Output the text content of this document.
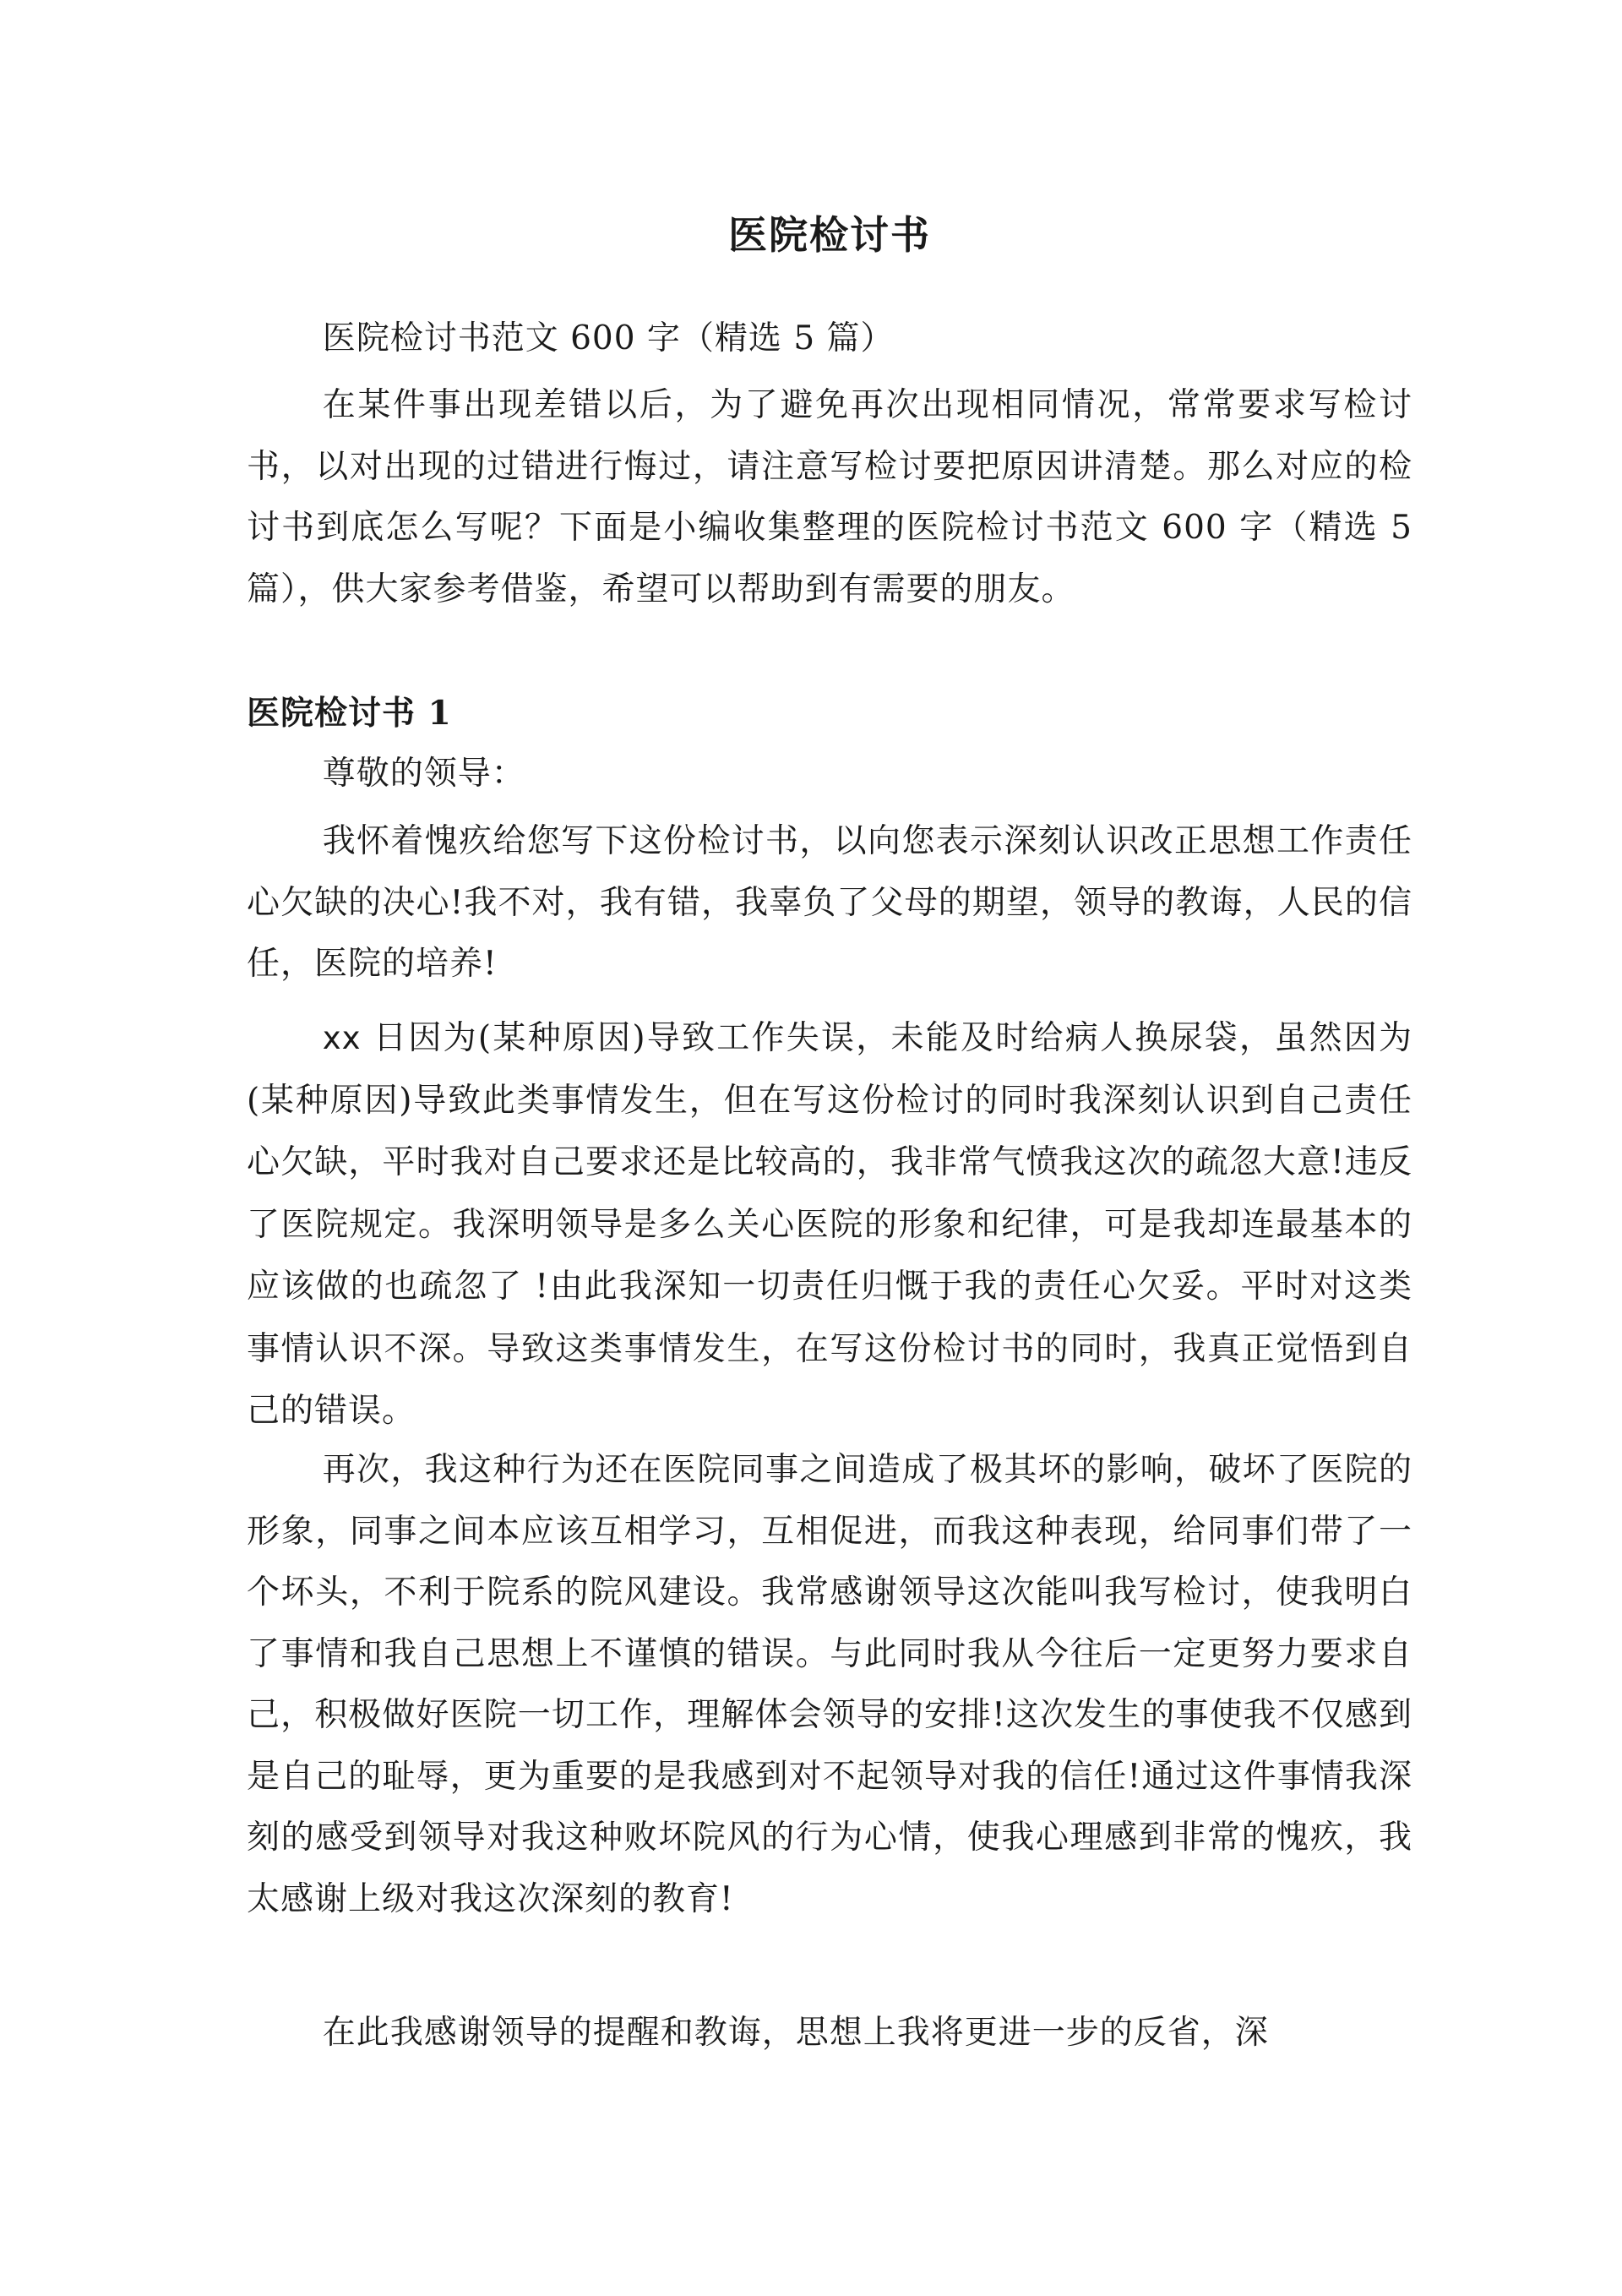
医院检讨书

医院检讨书范文 600 字（精选 5 篇）

在某件事出现差错以后，为了避免再次出现相同情况，常常要求写检讨书，以对出现的过错进行悔过，请注意写检讨要把原因讲清楚。那么对应的检讨书到底怎么写呢？下面是小编收集整理的医院检讨书范文 600 字（精选 5 篇），供大家参考借鉴，希望可以帮助到有需要的朋友。

医院检讨书 1

尊敬的领导：

我怀着愧疚给您写下这份检讨书，以向您表示深刻认识改正思想工作责任心欠缺的决心!我不对，我有错，我辜负了父母的期望，领导的教诲，人民的信任，医院的培养!

xx 日因为(某种原因)导致工作失误，未能及时给病人换尿袋，虽然因为(某种原因)导致此类事情发生，但在写这份检讨的同时我深刻认识到自己责任心欠缺，平时我对自己要求还是比较高的，我非常气愤我这次的疏忽大意!违反了医院规定。我深明领导是多么关心医院的形象和纪律，可是我却连最基本的应该做的也疏忽了 !由此我深知一切责任归慨于我的责任心欠妥。平时对这类事情认识不深。导致这类事情发生，在写这份检讨书的同时，我真正觉悟到自己的错误。

再次，我这种行为还在医院同事之间造成了极其坏的影响，破坏了医院的形象，同事之间本应该互相学习，互相促进，而我这种表现，给同事们带了一个坏头，不利于院系的院风建设。我常感谢领导这次能叫我写检讨，使我明白了事情和我自己思想上不谨慎的错误。与此同时我从今往后一定更努力要求自己，积极做好医院一切工作，理解体会领导的安排!这次发生的事使我不仅感到是自己的耻辱，更为重要的是我感到对不起领导对我的信任!通过这件事情我深刻的感受到领导对我这种败坏院风的行为心情，使我心理感到非常的愧疚，我太感谢上级对我这次深刻的教育!

在此我感谢领导的提醒和教诲，思想上我将更进一步的反省，深
